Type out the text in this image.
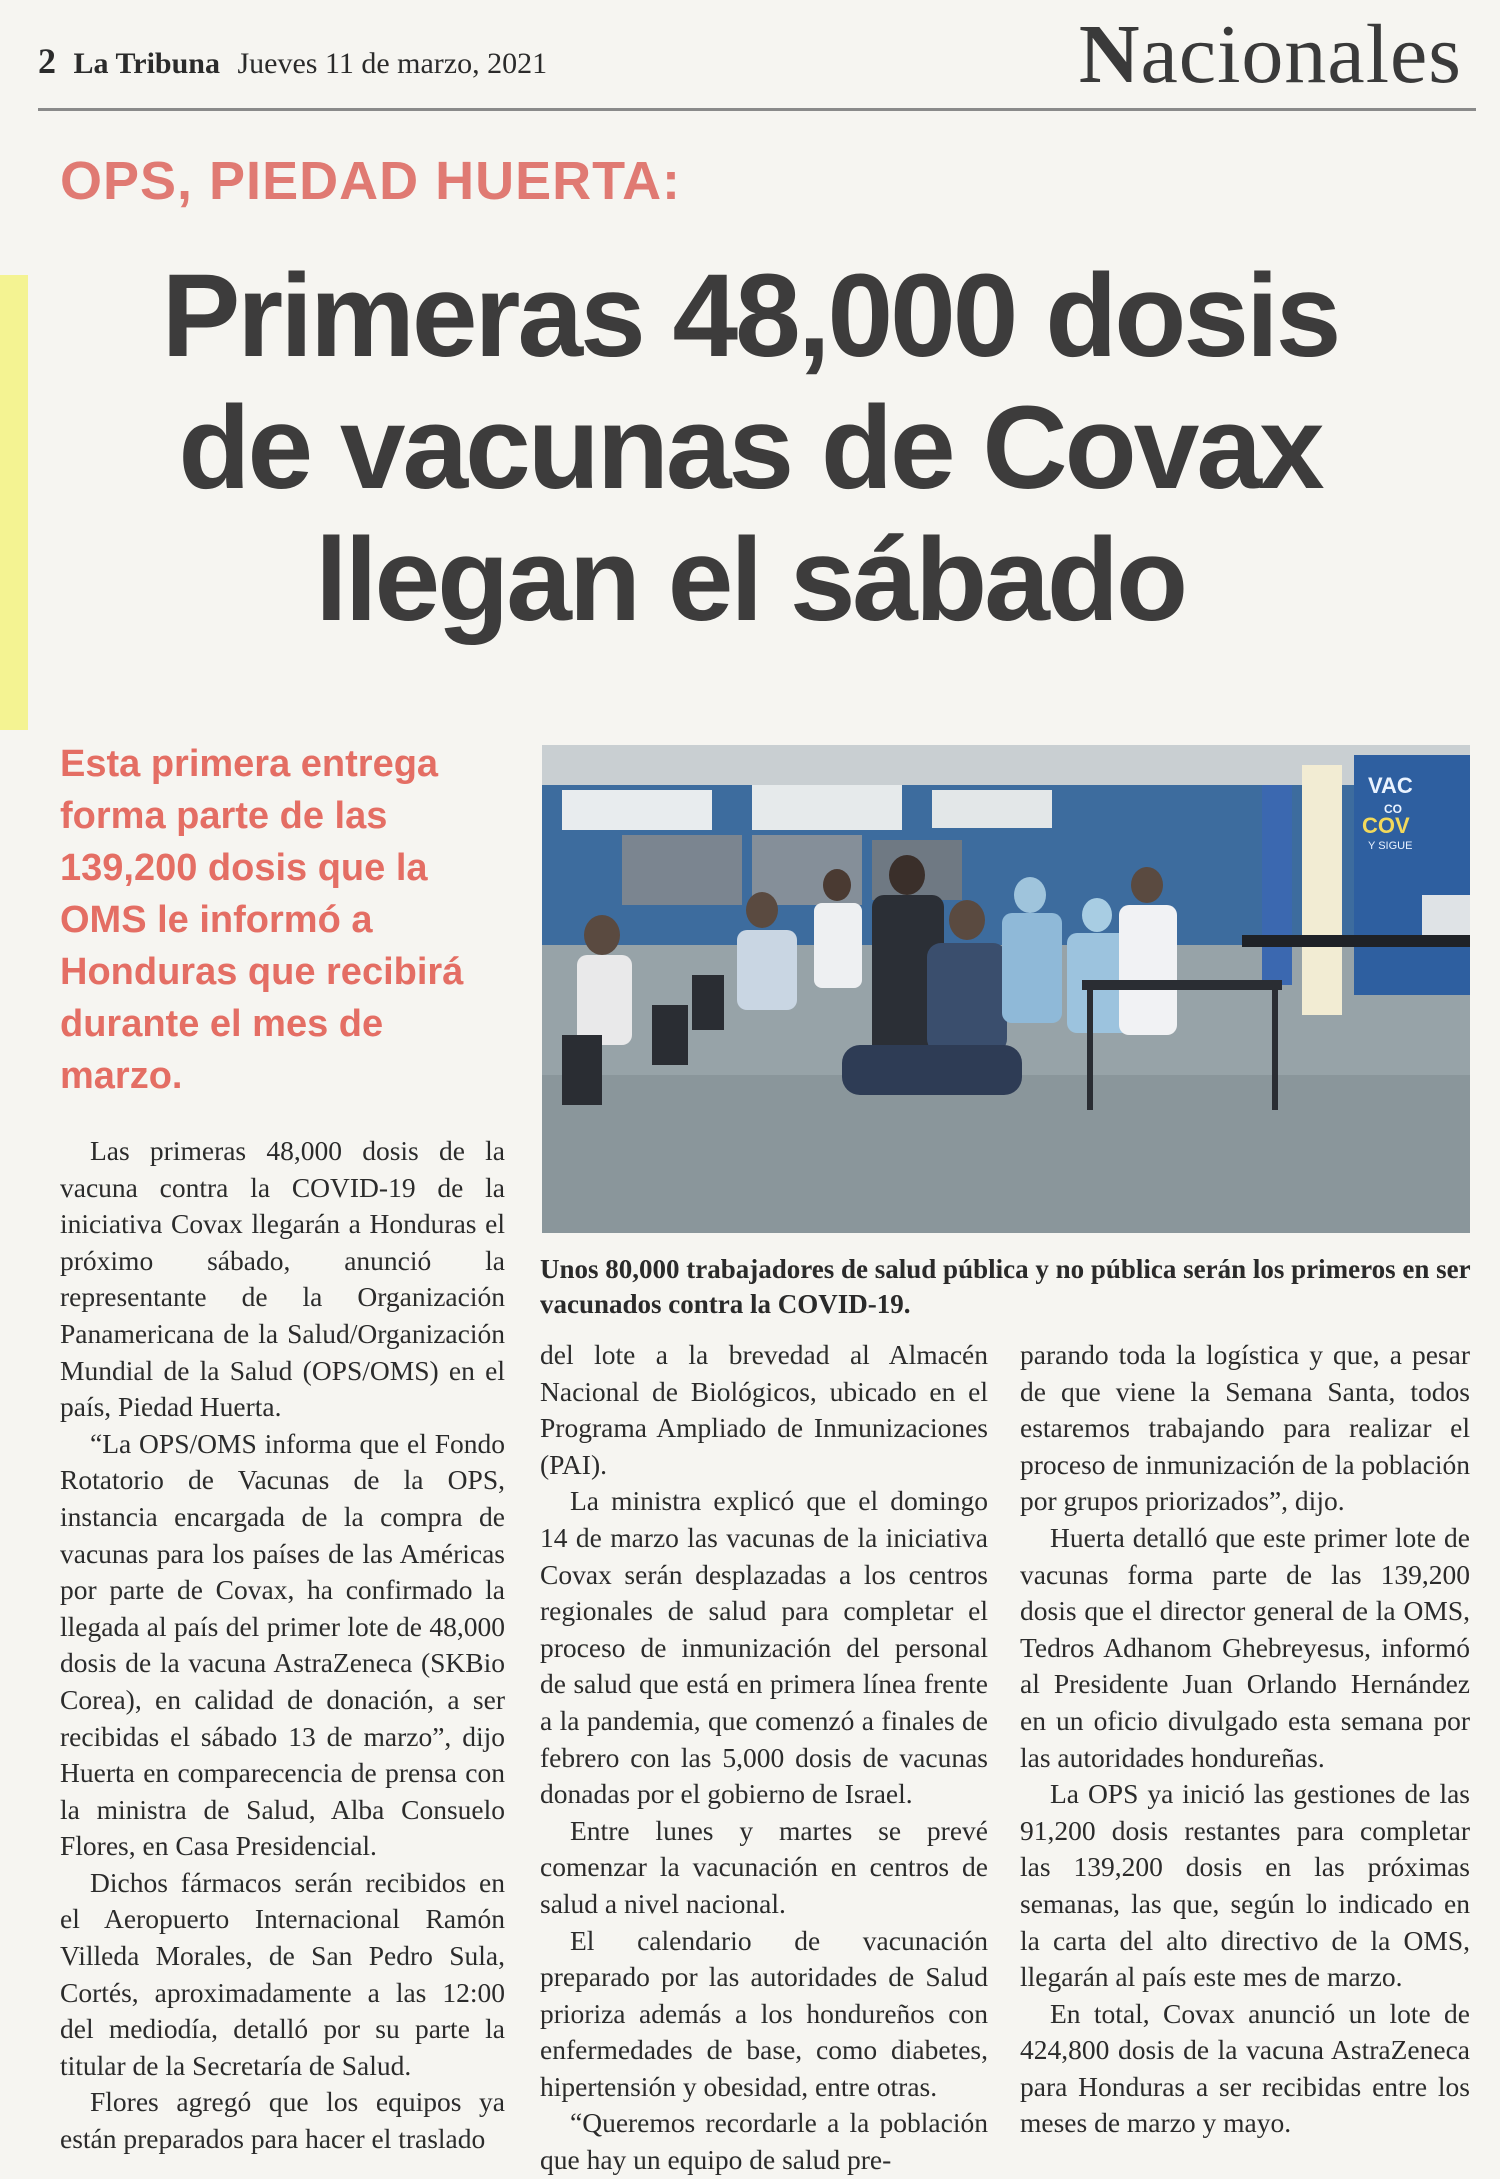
2 La Tribuna Jueves 11 de marzo, 2021	Nacionales
OPS, PIEDAD HUERTA:
Primeras 48,000 dosis
de vacunas de Covax
llegan el sábado
Esta primera entrega forma parte de las 139,200 dosis que la OMS le informó a Honduras que recibirá durante el mes de marzo.
VAC
CO
COV
Y SIGUE
Unos 80,000 trabajadores de salud pública y no pública serán los primeros en ser vacunados contra la COVID-19.

Las primeras 48,000 dosis de la vacuna contra la COVID-19 de la iniciativa Covax llegarán a Honduras el próximo sábado, anunció la representante de la Organización Panamericana de la Salud/Organización Mundial de la Salud (OPS/OMS) en el país, Piedad Huerta.

“La OPS/OMS informa que el Fondo Rotatorio de Vacunas de la OPS, instancia encargada de la compra de vacunas para los países de las Américas por parte de Covax, ha confirmado la llegada al país del primer lote de 48,000 dosis de la vacuna AstraZeneca (SKBio Corea), en calidad de donación, a ser recibidas el sábado 13 de marzo”, dijo Huerta en comparecencia de prensa con la ministra de Salud, Alba Consuelo Flores, en Casa Presidencial.

Dichos fármacos serán recibidos en el Aeropuerto Internacional Ramón Villeda Morales, de San Pedro Sula, Cortés, aproximadamente a las 12:00 del mediodía, detalló por su parte la titular de la Secretaría de Salud.

Flores agregó que los equipos ya están preparados para hacer el traslado

del lote a la brevedad al Almacén Nacional de Biológicos, ubicado en el Programa Ampliado de Inmunizaciones (PAI).

La ministra explicó que el domingo 14 de marzo las vacunas de la iniciativa Covax serán desplazadas a los centros regionales de salud para completar el proceso de inmunización del personal de salud que está en primera línea frente a la pandemia, que comenzó a finales de febrero con las 5,000 dosis de vacunas donadas por el gobierno de Israel.

Entre lunes y martes se prevé comenzar la vacunación en centros de salud a nivel nacional.

El calendario de vacunación preparado por las autoridades de Salud prioriza además a los hondureños con enfermedades de base, como diabetes, hipertensión y obesidad, entre otras.

“Queremos recordarle a la población que hay un equipo de salud pre-

parando toda la logística y que, a pesar de que viene la Semana Santa, todos estaremos trabajando para realizar el proceso de inmunización de la población por grupos priorizados”, dijo.

Huerta detalló que este primer lote de vacunas forma parte de las 139,200 dosis que el director general de la OMS, Tedros Adhanom Ghebreyesus, informó al Presidente Juan Orlando Hernández en un oficio divulgado esta semana por las autoridades hondureñas.

La OPS ya inició las gestiones de las 91,200 dosis restantes para completar las 139,200 dosis en las próximas semanas, las que, según lo indicado en la carta del alto directivo de la OMS, llegarán al país este mes de marzo.

En total, Covax anunció un lote de 424,800 dosis de la vacuna AstraZeneca para Honduras a ser recibidas entre los meses de marzo y mayo.
